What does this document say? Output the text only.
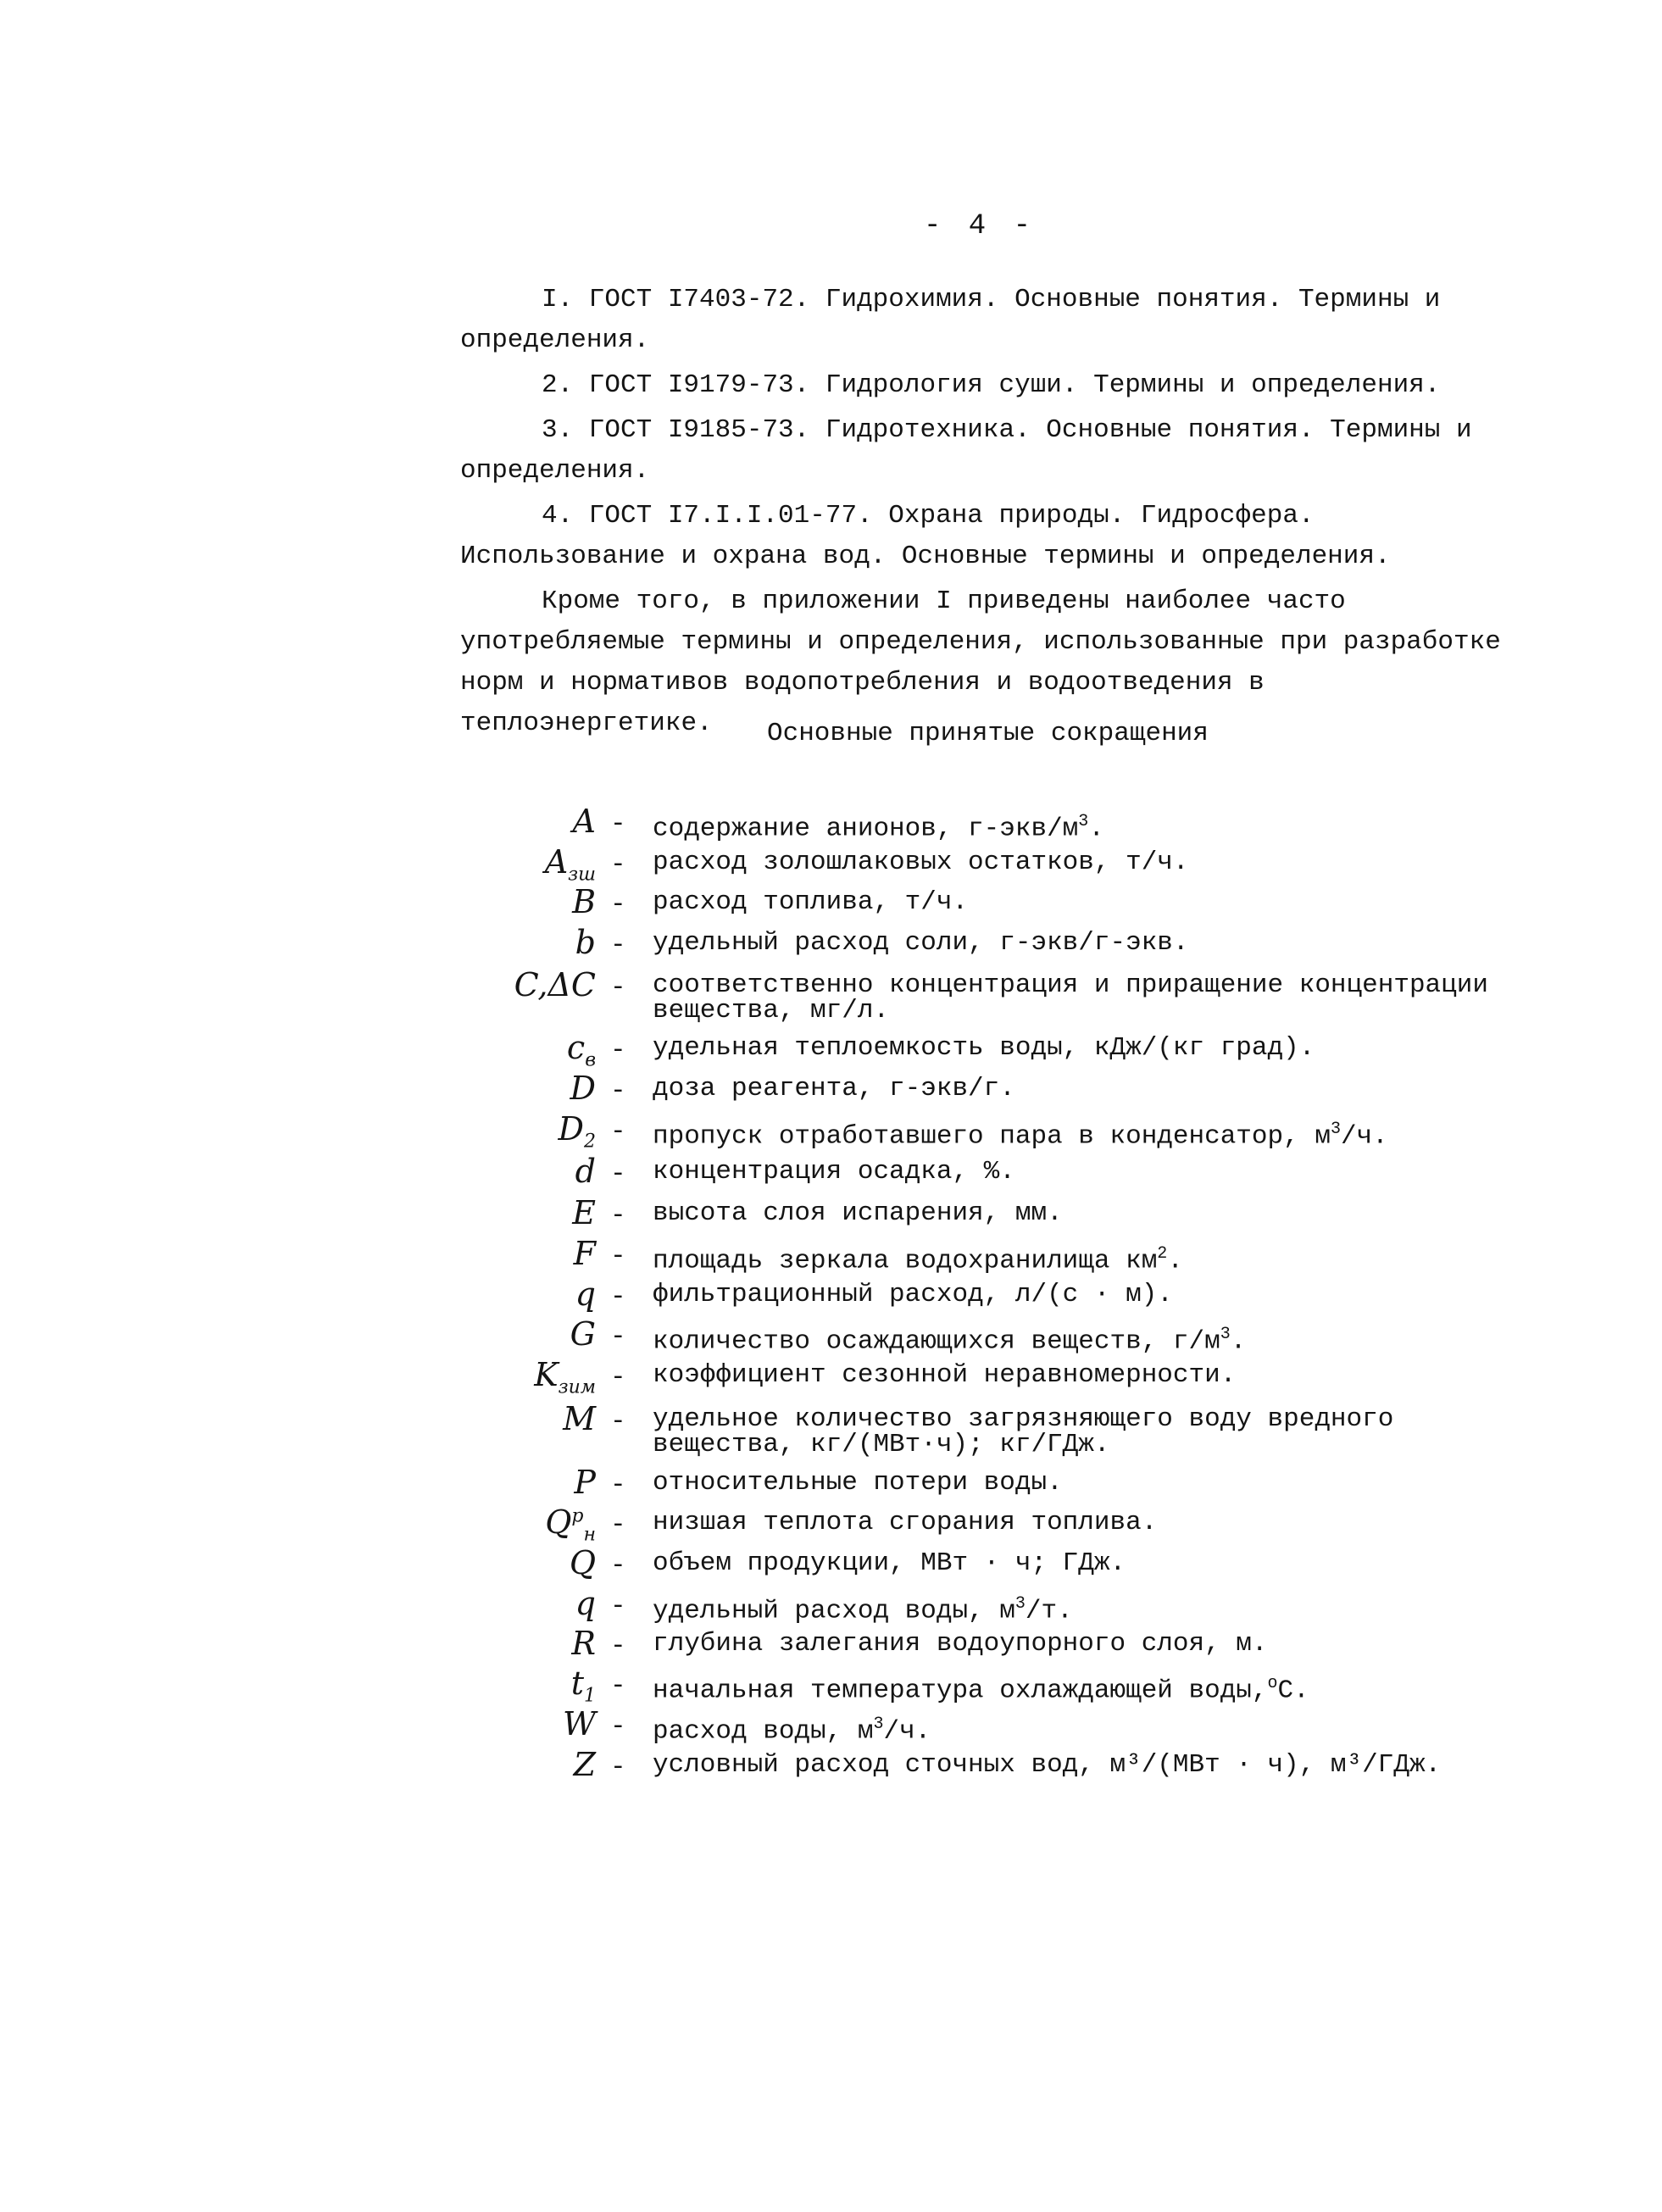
- 4 -

I. ГОСТ I7403-72. Гидрохимия. Основные понятия. Термины и определения.

2. ГОСТ I9179-73. Гидрология суши. Термины и определения.

3. ГОСТ I9185-73. Гидротехника. Основные понятия. Термины и определения.

4. ГОСТ I7.I.I.01-77. Охрана природы. Гидросфера. Использование и охрана вод. Основные термины и определения.

Кроме того, в приложении I приведены наиболее часто употребляемые термины и определения, использованные при разработке норм и нормативов водопотребления и водоотведения в теплоэнергетике.	Основные принятые сокращения
A - содержание анионов, $г-экв/м^3$.
$A_{зш}$ - расход золошлаковых остатков, т/ч.
B - расход топлива, т/ч.
b - удельный расход соли, г-экв/г-экв.
C,ΔC - соответственно концентрация и приращение концентрации вещества, мг/л.
$c_в$ - удельная теплоемкость воды, кДж/(кг град).
D - доза реагента, г-экв/г.
$D_2$ - пропуск отработавшего пара в конденсатор, $м^3/ч$.
d - концентрация осадка, %.
E - высота слоя испарения, мм.
F - площадь зеркала водохранилища $км^2$.
q - фильтрационный расход, л/(с · м).
G - количество осаждающихся веществ, $г/м^3$.
$K_{зим}$ - коэффициент сезонной неравномерности.
M - удельное количество загрязняющего воду вредного вещества, кг/(МВт·ч); кг/ГДж.
P - относительные потери воды.
$Q^р_н$ - низшая теплота сгорания топлива.
Q - объем продукции, МВт · ч; ГДж.
q - удельный расход воды, $м^3/т$.
R - глубина залегания водоупорного слоя, м.
$t_1$ - начальная температура охлаждающей воды,$^о$С.
W - расход воды, $м^3/ч$.
Z - условный расход сточных вод, м³/(МВт · ч), м³/ГДж.
